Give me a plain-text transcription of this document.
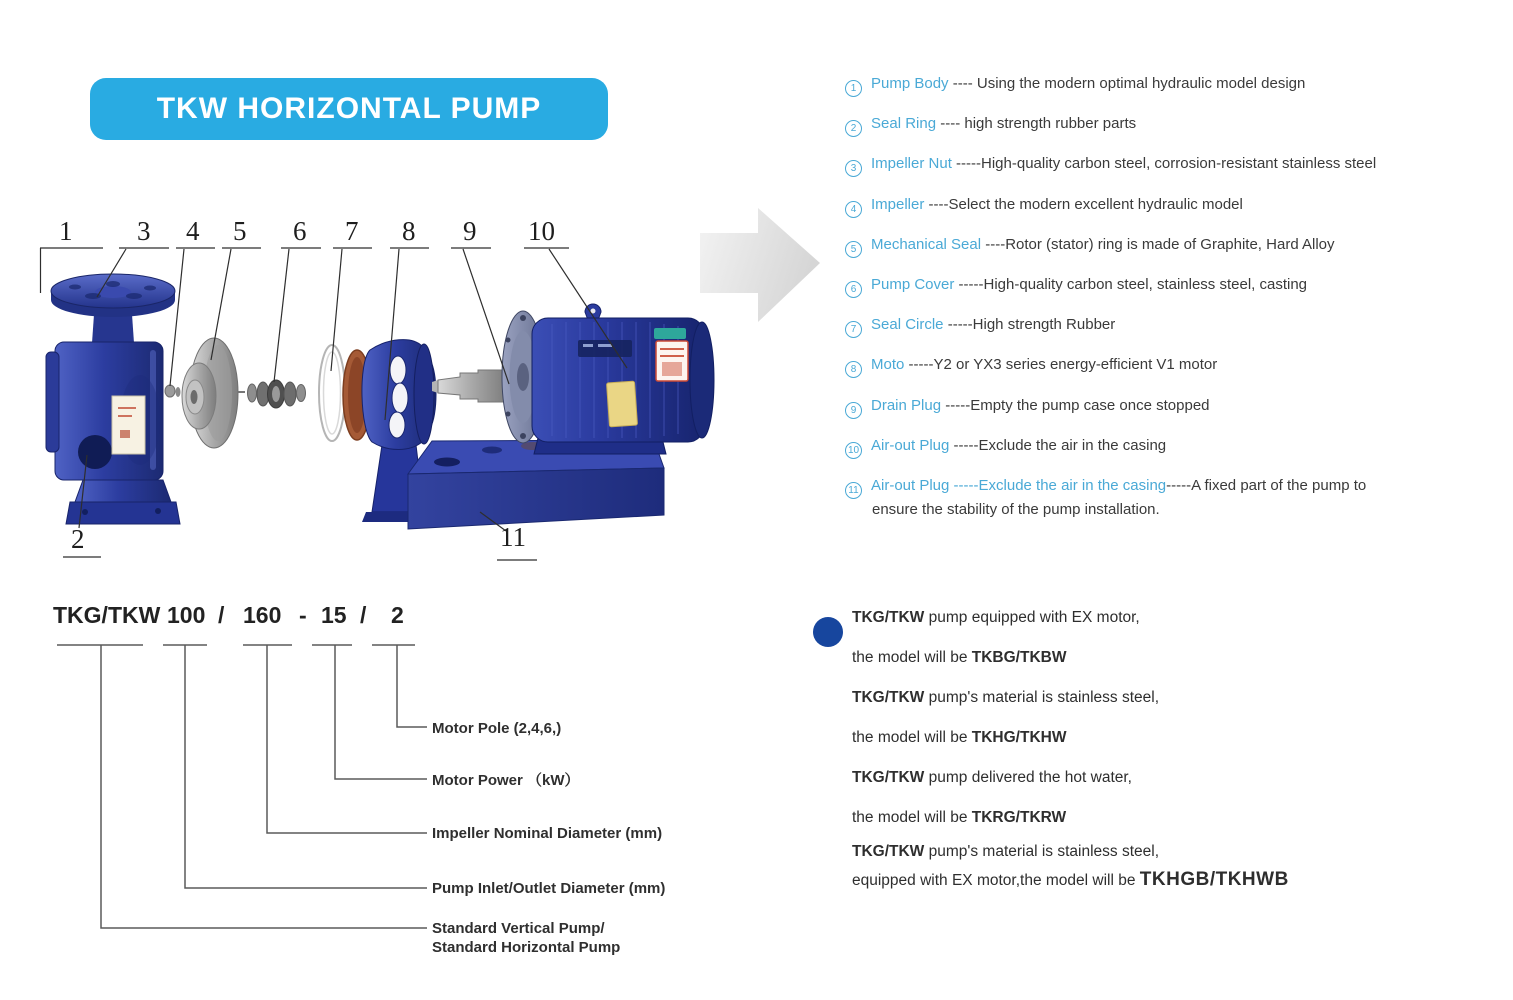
TKW HORIZONTAL PUMP
1
2
3 4 5 6 7 8 9 10
11
1 Pump Body ---- Using the modern optimal hydraulic model design
2 Seal Ring ---- high strength rubber parts
3 Impeller Nut -----High-quality carbon steel, corrosion-resistant stainless steel
4 Impeller ----Select the modern excellent hydraulic model
5 Mechanical Seal ----Rotor (stator) ring is made of Graphite, Hard Alloy
6 Pump Cover -----High-quality carbon steel, stainless steel, casting
7 Seal Circle -----High strength Rubber
8 Moto -----Y2 or YX3 series energy-efficient V1 motor
9 Drain Plug -----Empty the pump case once stopped
10 Air-out Plug -----Exclude the air in the casing
11 Air-out Plug -----Exclude the air in the casing-----A fixed part of the pump to
ensure the stability of the pump installation.
TKG/TKW 100 / 160 - 15 / 2
Motor Pole (2,4,6,)
Motor Power （kW）
Impeller Nominal Diameter (mm)
Pump Inlet/Outlet Diameter (mm)
Standard Vertical Pump/
Standard Horizontal Pump

TKG/TKW pump equipped with EX motor,

the model will be TKBG/TKBW

TKG/TKW pump's material is stainless steel,

the model will be TKHG/TKHW

TKG/TKW pump delivered the hot water,

the model will be TKRG/TKRW

TKG/TKW pump's material is stainless steel,

equipped with EX motor,the model will be TKHGB/TKHWB
